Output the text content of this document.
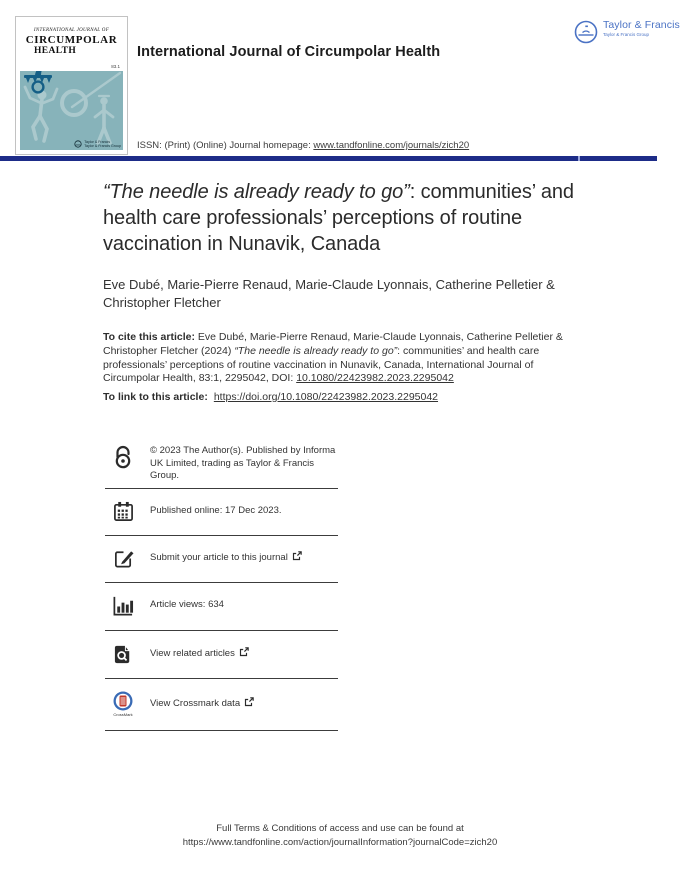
INTERNATIONAL JOURNAL OF
CIRCUMPOLAR
HEALTH
83.1
Taylor & Francis
Taylor & Francis Group
International Journal of Circumpolar Health
ISSN: (Print) (Online) Journal homepage: www.tandfonline.com/journals/zich20
Taylor & Francis
Taylor & Francis Group
“The needle is already ready to go”: communities’ and health care professionals’ perceptions of routine vaccination in Nunavik, Canada
Eve Dubé, Marie-Pierre Renaud, Marie-Claude Lyonnais, Catherine Pelletier & Christopher Fletcher

To cite this article: Eve Dubé, Marie-Pierre Renaud, Marie-Claude Lyonnais, Catherine Pelletier & Christopher Fletcher (2024) “The needle is already ready to go”: communities’ and health care professionals’ perceptions of routine vaccination in Nunavik, Canada, International Journal of Circumpolar Health, 83:1, 2295042, DOI: 10.1080/22423982.2023.2295042

To link to this article: https://doi.org/10.1080/22423982.2023.2295042

© 2023 The Author(s). Published by Informa UK Limited, trading as Taylor & Francis Group.
Published online: 17 Dec 2023.
Submit your article to this journal
Article views: 634
View related articles
CrossMark
View Crossmark data
Full Terms & Conditions of access and use can be found at
https://www.tandfonline.com/action/journalInformation?journalCode=zich20
